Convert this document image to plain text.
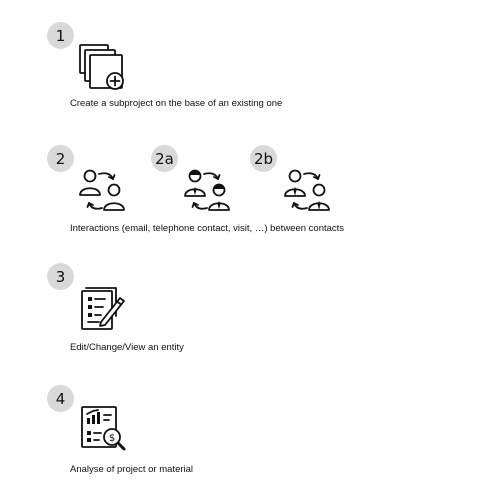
1
Create a subproject on the base of an existing one
2	2a	2b
Interactions (email, telephone contact, visit, …) between contacts
3
Edit/Change/View an entity
4
$
Analyse of project or material
